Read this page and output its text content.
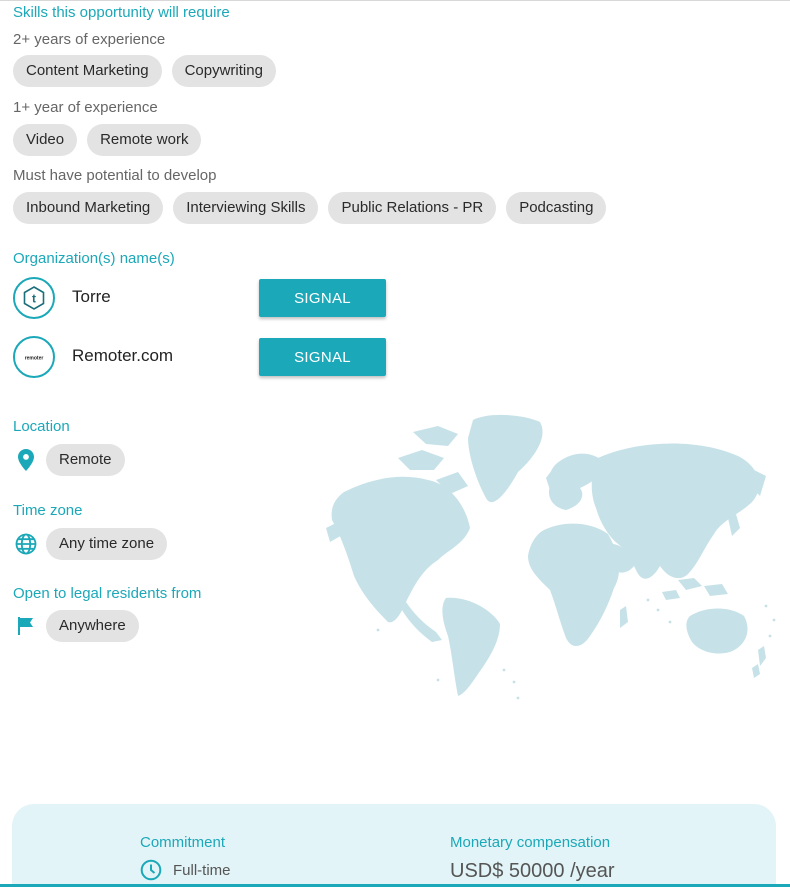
Skills this opportunity will require
2+ years of experience
Content Marketing	Copywriting
1+ year of experience
Video	Remote work
Must have potential to develop
Inbound Marketing	Interviewing Skills	Public Relations - PR	Podcasting
Organization(s) name(s)
t Torre	SIGNAL
remoter Remoter.com	SIGNAL
Location
Remote
Time zone
Any time zone
Open to legal residents from
Anywhere
Commitment
Full-time
Monetary compensation
USD$ 50000 /year
